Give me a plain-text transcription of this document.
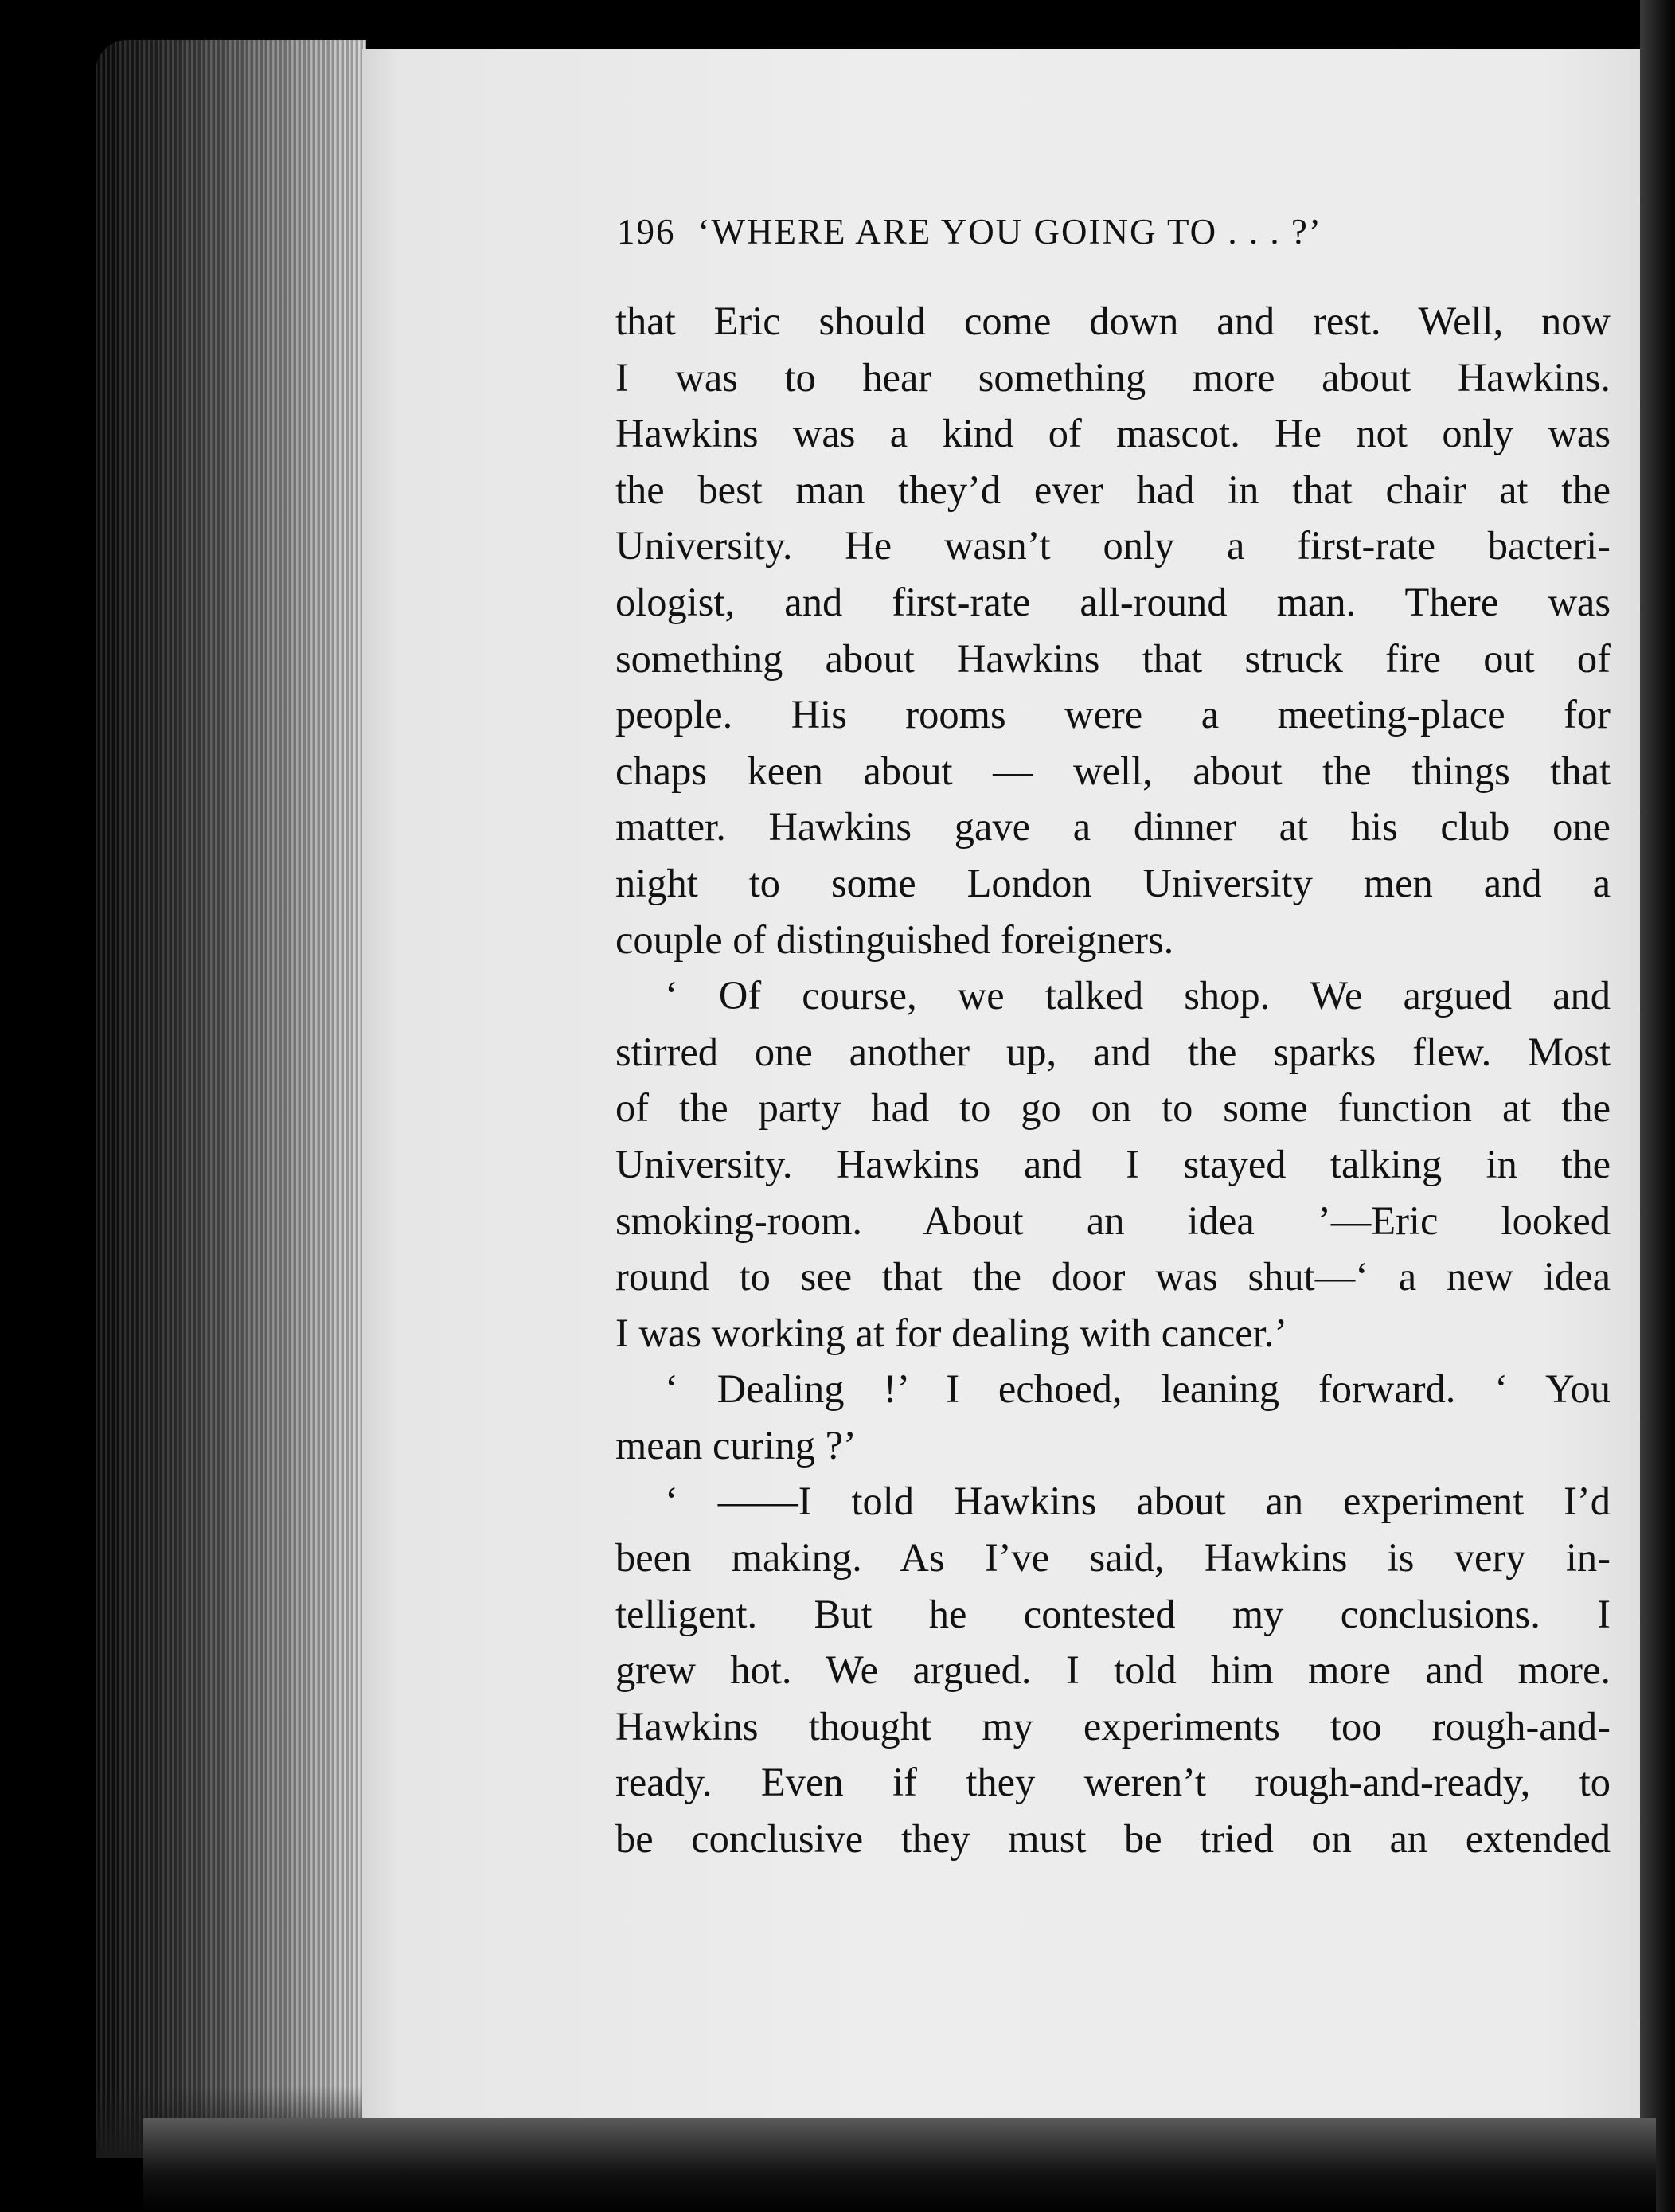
196 ‘WHERE ARE YOU GOING TO . . . ?’
that Eric should come down and rest. Well, now
I was to hear something more about Hawkins.
Hawkins was a kind of mascot. He not only was
the best man they’d ever had in that chair at the
University. He wasn’t only a first-rate bacteri-
ologist, and first-rate all-round man. There was
something about Hawkins that struck fire out of
people. His rooms were a meeting-place for
chaps keen about — well, about the things that
matter. Hawkins gave a dinner at his club one
night to some London University men and a
couple of distinguished foreigners.
‘ Of course, we talked shop. We argued and
stirred one another up, and the sparks flew. Most
of the party had to go on to some function at the
University. Hawkins and I stayed talking in the
smoking-room. About an idea ’—Eric looked
round to see that the door was shut—‘ a new idea
I was working at for dealing with cancer.’
‘ Dealing !’ I echoed, leaning forward. ‘ You
mean curing ?’
‘ ——I told Hawkins about an experiment I’d
been making. As I’ve said, Hawkins is very in-
telligent. But he contested my conclusions. I
grew hot. We argued. I told him more and more.
Hawkins thought my experiments too rough-and-
ready. Even if they weren’t rough-and-ready, to
be conclusive they must be tried on an extended
